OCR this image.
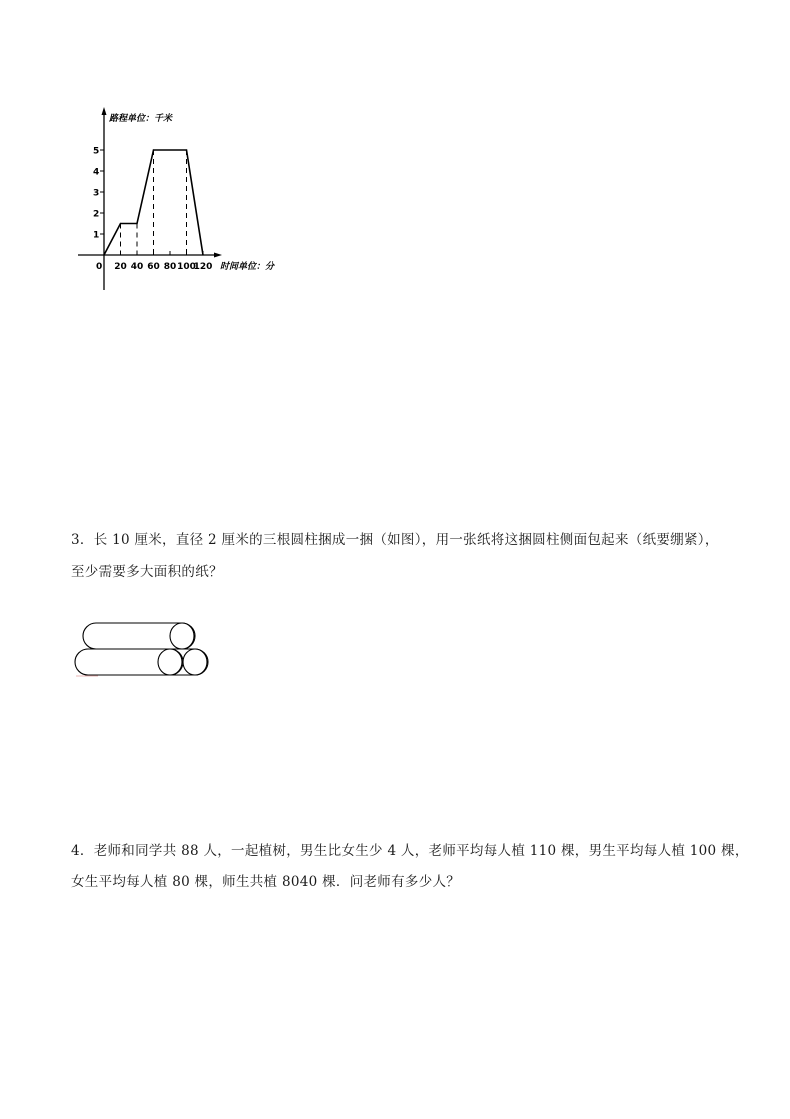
路程单位：千米
时间单位：分
0
1
2
3
4
5
20 40 60 80 100
120
3．长 10 厘米，直径 2 厘米的三根圆柱捆成一捆（如图），用一张纸将这捆圆柱侧面包起来（纸要绷紧），
至少需要多大面积的纸？
4．老师和同学共 88 人，一起植树，男生比女生少 4 人，老师平均每人植 110 棵，男生平均每人植 100 棵，
女生平均每人植 80 棵，师生共植 8040 棵．问老师有多少人？
